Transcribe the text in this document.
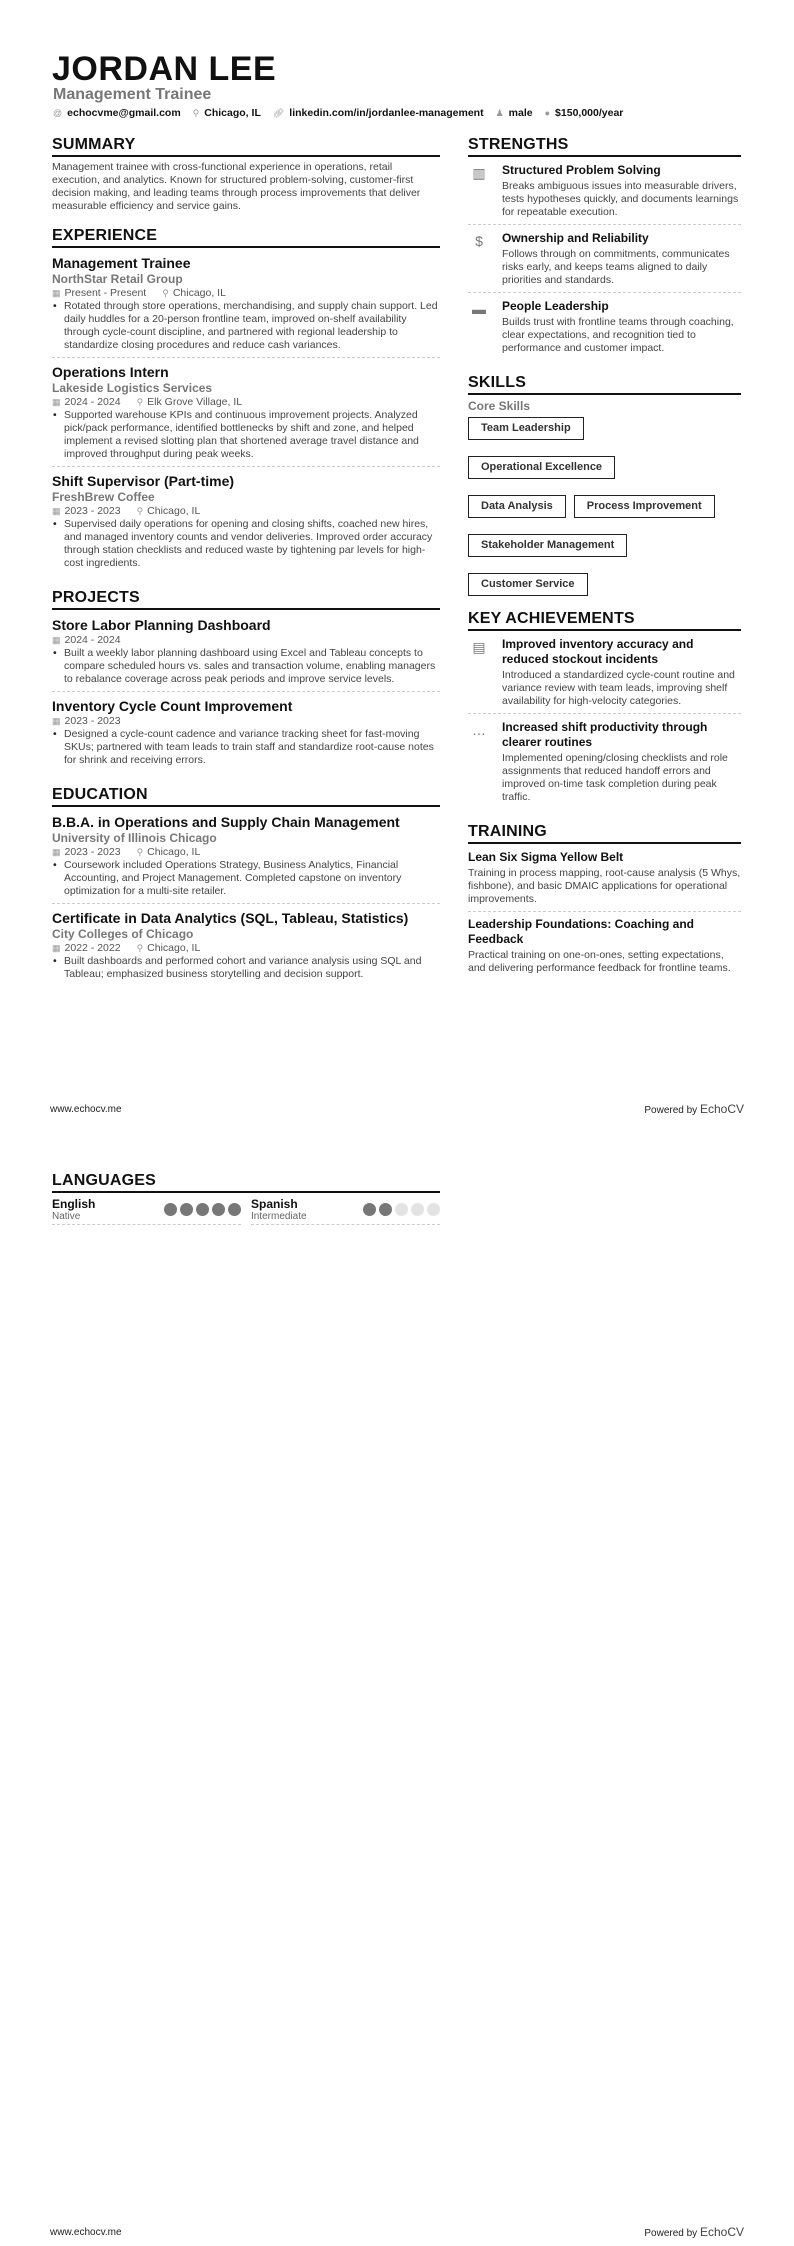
JORDAN LEE
Management Trainee
@ echocvme@gmail.com ⚲ Chicago, IL 🔗︎ linkedin.com/in/jordanlee-management ♟ male ● $150,000/year
SUMMARY
Management trainee with cross-functional experience in operations, retail execution, and analytics. Known for structured problem-solving, customer-first decision making, and leading teams through process improvements that deliver measurable efficiency and service gains.
EXPERIENCE
Management Trainee
NorthStar Retail Group
▦ Present - Present ⚲ Chicago, IL
• Rotated through store operations, merchandising, and supply chain support. Led daily huddles for a 20-person frontline team, improved on-shelf availability through cycle-count discipline, and partnered with regional leadership to standardize closing procedures and reduce cash variances.
Operations Intern
Lakeside Logistics Services
▦ 2024 - 2024 ⚲ Elk Grove Village, IL
• Supported warehouse KPIs and continuous improvement projects. Analyzed pick/pack performance, identified bottlenecks by shift and zone, and helped implement a revised slotting plan that shortened average travel distance and improved throughput during peak weeks.
Shift Supervisor (Part-time)
FreshBrew Coffee
▦ 2023 - 2023 ⚲ Chicago, IL
• Supervised daily operations for opening and closing shifts, coached new hires, and managed inventory counts and vendor deliveries. Improved order accuracy through station checklists and reduced waste by tightening par levels for high-cost ingredients.
PROJECTS
Store Labor Planning Dashboard
▦ 2024 - 2024
• Built a weekly labor planning dashboard using Excel and Tableau concepts to compare scheduled hours vs. sales and transaction volume, enabling managers to rebalance coverage across peak periods and improve service levels.
Inventory Cycle Count Improvement
▦ 2023 - 2023
• Designed a cycle-count cadence and variance tracking sheet for fast-moving SKUs; partnered with team leads to train staff and standardize root-cause notes for shrink and receiving errors.
EDUCATION
B.B.A. in Operations and Supply Chain Management
University of Illinois Chicago
▦ 2023 - 2023 ⚲ Chicago, IL
• Coursework included Operations Strategy, Business Analytics, Financial Accounting, and Project Management. Completed capstone on inventory optimization for a multi-site retailer.
Certificate in Data Analytics (SQL, Tableau, Statistics)
City Colleges of Chicago
▦ 2022 - 2022 ⚲ Chicago, IL
• Built dashboards and performed cohort and variance analysis using SQL and Tableau; emphasized business storytelling and decision support.
STRENGTHS
▥	Structured Problem Solving
Breaks ambiguous issues into measurable drivers, tests hypotheses quickly, and documents learnings for repeatable execution.
$	Ownership and Reliability
Follows through on commitments, communicates risks early, and keeps teams aligned to daily priorities and standards.
▬	People Leadership
Builds trust with frontline teams through coaching, clear expectations, and recognition tied to performance and customer impact.
SKILLS
Core Skills
Team Leadership
Operational Excellence
Data Analysis	Process Improvement
Stakeholder Management
Customer Service
KEY ACHIEVEMENTS
▤	Improved inventory accuracy and reduced stockout incidents
Introduced a standardized cycle-count routine and variance review with team leads, improving shelf availability for high-velocity categories.
…	Increased shift productivity through clearer routines
Implemented opening/closing checklists and role assignments that reduced handoff errors and improved on-time task completion during peak traffic.
TRAINING
Lean Six Sigma Yellow Belt
Training in process mapping, root-cause analysis (5 Whys, fishbone), and basic DMAIC applications for operational improvements.
Leadership Foundations: Coaching and Feedback
Practical training on one-on-ones, setting expectations, and delivering performance feedback for frontline teams.
www.echocv.me	Powered by EchoCV
LANGUAGES
English
Native
Spanish
Intermediate
www.echocv.me	Powered by EchoCV
